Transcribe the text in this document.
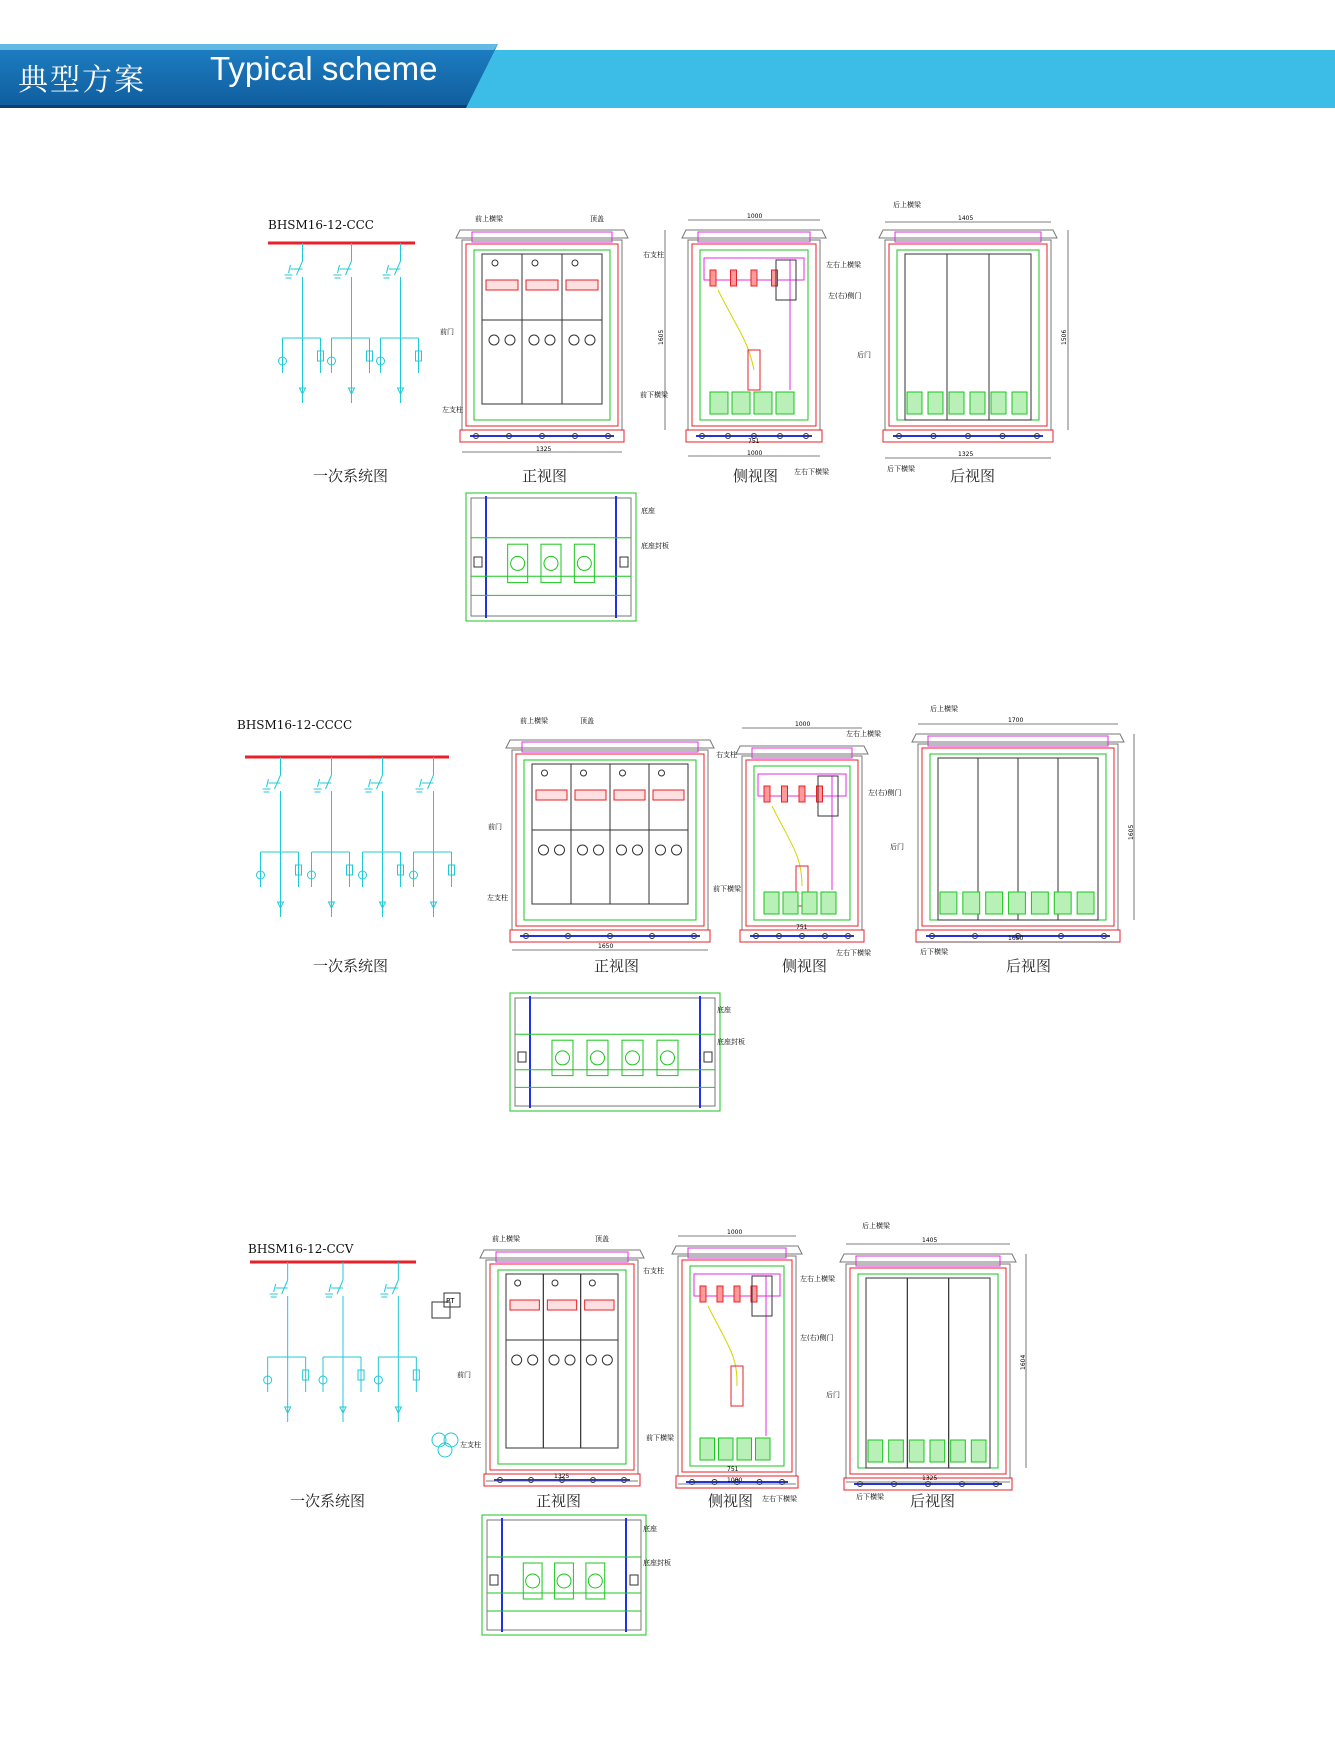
典型方案 Typical scheme
BHSM16-12-CCC
一次系统图	正视图	侧视图	后视图
前上横梁	顶盖
右支柱
前门
左支柱
前下横梁
左右上横梁
左(右)侧门
左右下横梁
后上横梁
后门
后下横梁
底座
底座封板
1325
1605
1000
751
1000
1405
1506
1325
BHSM16-12-CCCC
一次系统图	正视图	侧视图	后视图
前上横梁	顶盖
右支柱
前门
左支柱
前下横梁
左右上横梁
左(右)侧门
左右下横梁
后上横梁
后门
后下横梁
底座
底座封板
1650
1000
751
1700
1605
1650
BHSM16-12-CCV
一次系统图	正视图	侧视图	后视图
PT
前上横梁	顶盖
右支柱
前门
左支柱
前下横梁
左右上横梁
左(右)侧门
左右下横梁
后上横梁
后门
后下横梁
底座
底座封板
1325
1000
751
1000
1405
1604
1325
